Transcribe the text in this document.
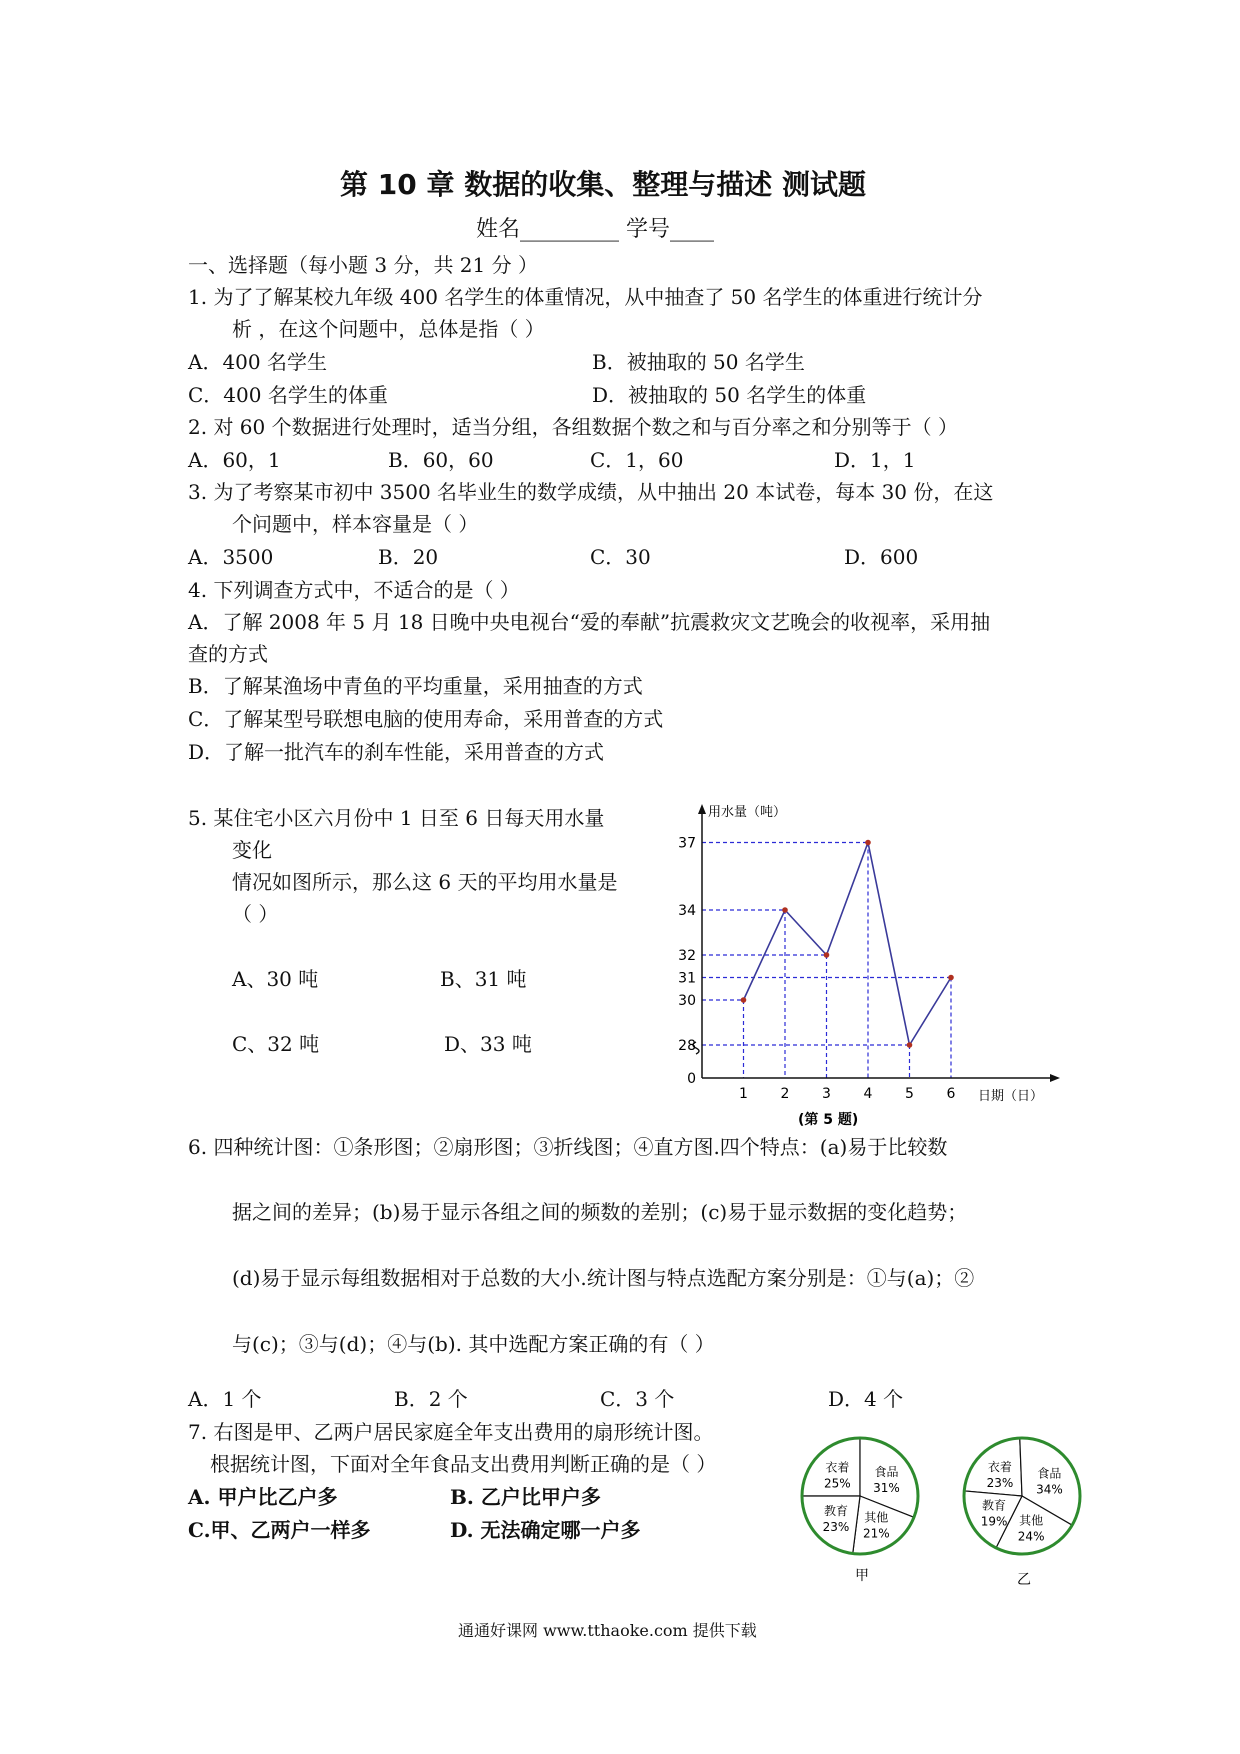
第 10 章 数据的收集、整理与描述 测试题
姓名_________ 学号____
一、选择题（每小题 3 分，共 21 分 ）
1. 为了了解某校九年级 400 名学生的体重情况，从中抽查了 50 名学生的体重进行统计分
析 ，在这个问题中，总体是指（ ）
A．400 名学生	B．被抽取的 50 名学生
C．400 名学生的体重	D．被抽取的 50 名学生的体重
2. 对 60 个数据进行处理时，适当分组，各组数据个数之和与百分率之和分别等于（ ）
A．60，1	B．60，60	C．1，60	D．1，1
3. 为了考察某市初中 3500 名毕业生的数学成绩，从中抽出 20 本试卷，每本 30 份，在这
个问题中，样本容量是（ ）
A．3500	B．20	C．30	D．600
4. 下列调查方式中，不适合的是（ ）
A．了解 2008 年 5 月 18 日晚中央电视台“爱的奉献”抗震救灾文艺晚会的收视率，采用抽
查的方式
B．了解某渔场中青鱼的平均重量，采用抽查的方式
C．了解某型号联想电脑的使用寿命，采用普查的方式
D．了解一批汽车的刹车性能，采用普查的方式
5. 某住宅小区六月份中 1 日至 6 日每天用水量
变化
情况如图所示，那么这 6 天的平均用水量是
（ ）
A、30 吨	B、31 吨
C、32 吨	D、33 吨
用水量（吨）
日期（日）
(第 5 题)
0
28
30
31
32
34
37
1 2 3 4 5 6
6. 四种统计图：①条形图；②扇形图；③折线图；④直方图.四个特点：(a)易于比较数
据之间的差异；(b)易于显示各组之间的频数的差别；(c)易于显示数据的变化趋势；
(d)易于显示每组数据相对于总数的大小.统计图与特点选配方案分别是：①与(a)；②
与(c)；③与(d)；④与(b). 其中选配方案正确的有（ ）
A．1 个	B．2 个	C．3 个	D．4 个
7. 右图是甲、乙两户居民家庭全年支出费用的扇形统计图。
根据统计图，下面对全年食品支出费用判断正确的是（ ）
A. 甲户比乙户多	B. 乙户比甲户多
C.甲、乙两户一样多	D. 无法确定哪一户多
衣着
25%
食品
31%
其他
21%
教育
23%
甲
衣着
23%
食品
34%
其他
24%
教育
19%
乙
通通好课网 www.tthaoke.com 提供下载
